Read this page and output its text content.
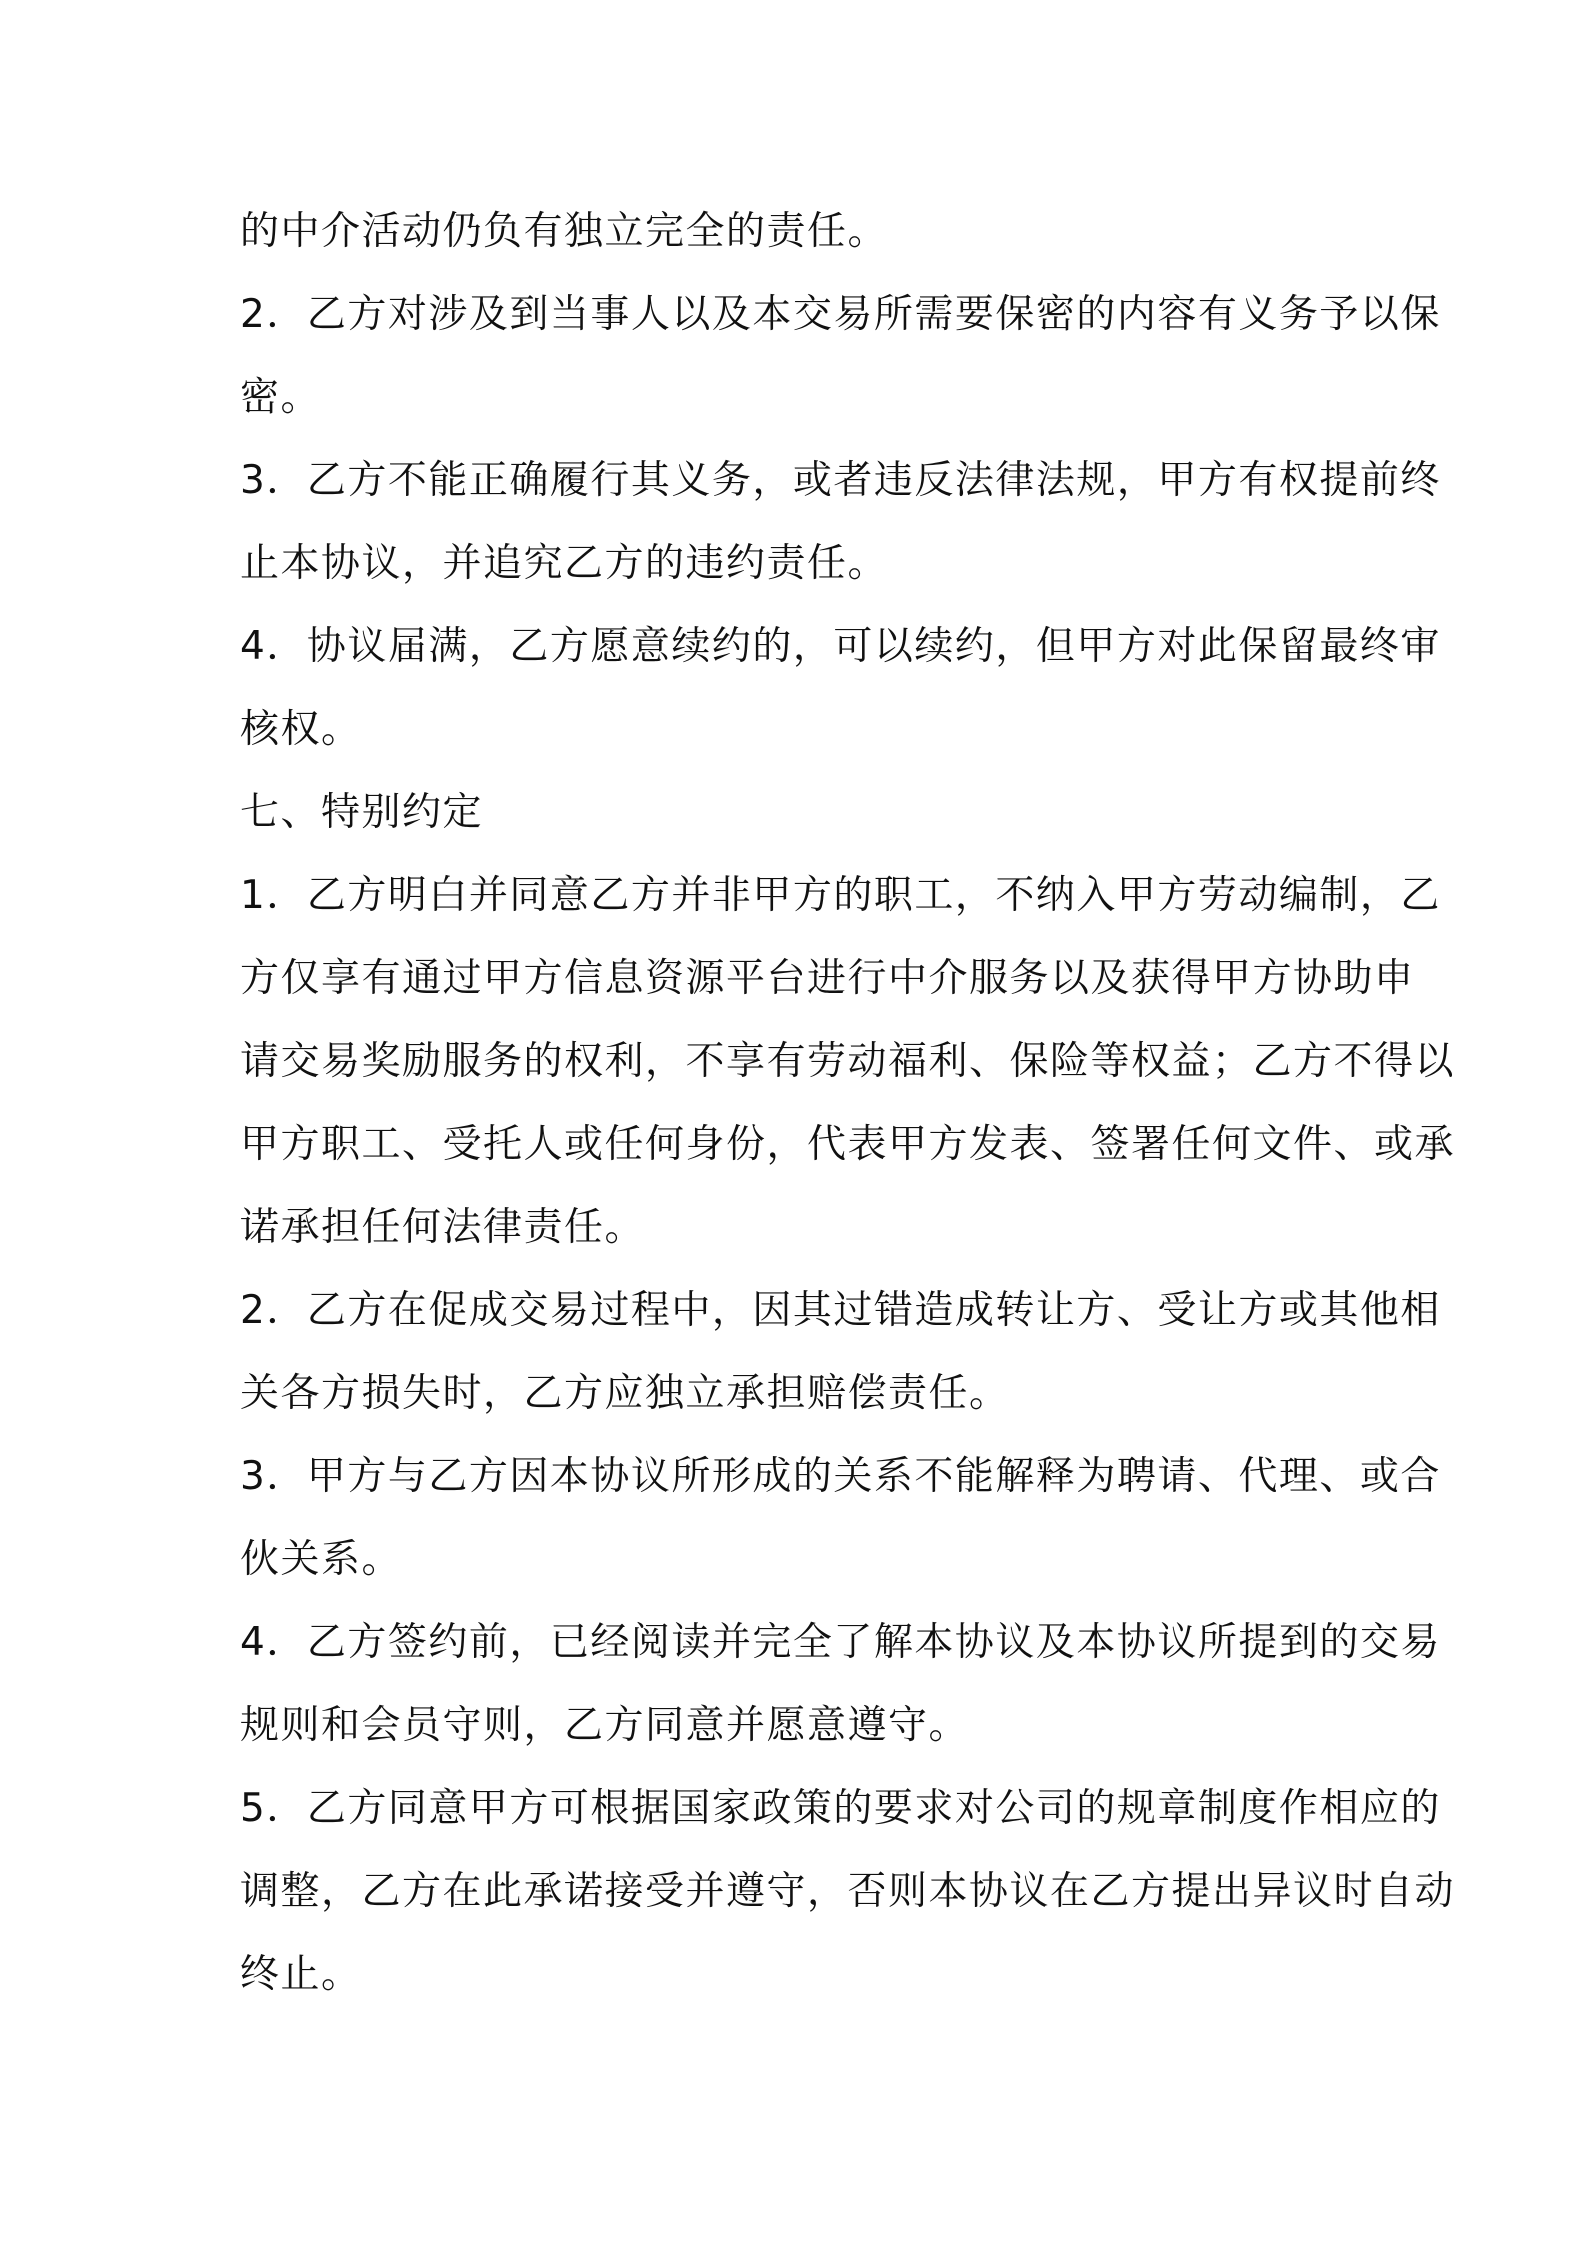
的中介活动仍负有独立完全的责任。
2．乙方对涉及到当事人以及本交易所需要保密的内容有义务予以保
密。
3．乙方不能正确履行其义务，或者违反法律法规，甲方有权提前终
止本协议，并追究乙方的违约责任。
4．协议届满，乙方愿意续约的，可以续约，但甲方对此保留最终审
核权。
七、特别约定
1．乙方明白并同意乙方并非甲方的职工，不纳入甲方劳动编制，乙
方仅享有通过甲方信息资源平台进行中介服务以及获得甲方协助申
请交易奖励服务的权利，不享有劳动福利、保险等权益；乙方不得以
甲方职工、受托人或任何身份，代表甲方发表、签署任何文件、或承
诺承担任何法律责任。
2．乙方在促成交易过程中，因其过错造成转让方、受让方或其他相
关各方损失时，乙方应独立承担赔偿责任。
3．甲方与乙方因本协议所形成的关系不能解释为聘请、代理、或合
伙关系。
4．乙方签约前，已经阅读并完全了解本协议及本协议所提到的交易
规则和会员守则，乙方同意并愿意遵守。
5．乙方同意甲方可根据国家政策的要求对公司的规章制度作相应的
调整，乙方在此承诺接受并遵守，否则本协议在乙方提出异议时自动
终止。
